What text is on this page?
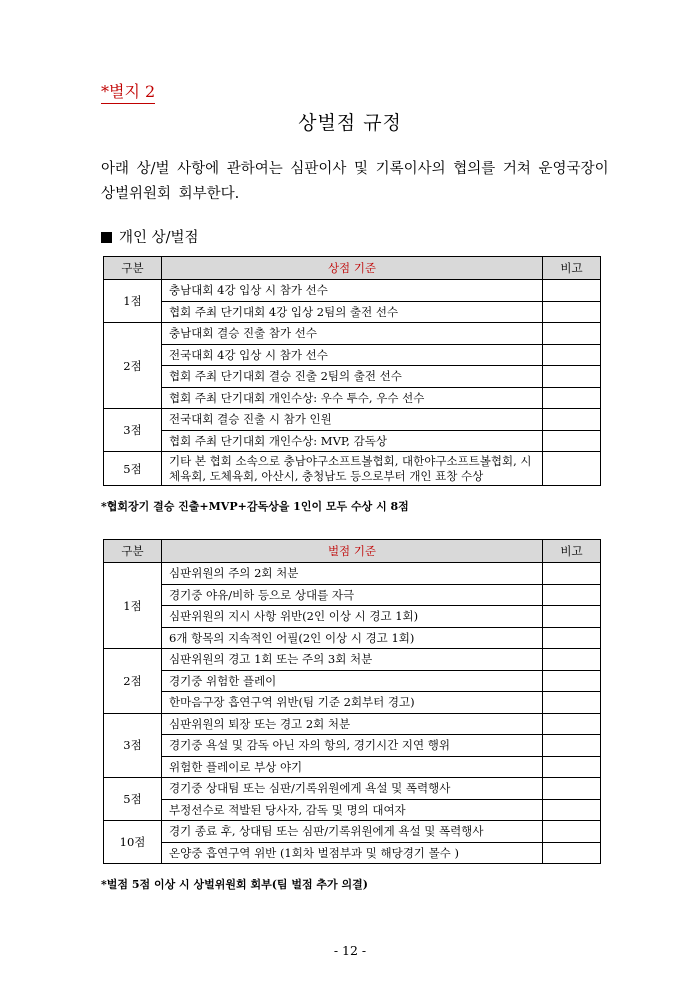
*별지 2
상벌점 규정
아래 상/벌 사항에 관하여는 심판이사 및 기록이사의 협의를 거쳐 운영국장이 상벌위원회 회부한다.
개인 상/벌점
구분	상점 기준	비고
1점	충남대회 4강 입상 시 참가 선수	
	협회 주최 단기대회 4강 입상 2팀의 출전 선수	
2점	충남대회 결승 진출 참가 선수	
	전국대회 4강 입상 시 참가 선수	
	협회 주최 단기대회 결승 진출 2팀의 출전 선수	
	협회 주최 단기대회 개인수상: 우수 투수, 우수 선수	
3점	전국대회 결승 진출 시 참가 인원	
	협회 주최 단기대회 개인수상: MVP, 감독상	
5점	기타 본 협회 소속으로 충남야구소프트볼협회, 대한야구소프트볼협회, 시체육회, 도체육회, 아산시, 충청남도 등으로부터 개인 표창 수상	
*협회장기 결승 진출+MVP+감독상을 1인이 모두 수상 시 8점
구분	벌점 기준	비고
1점	심판위원의 주의 2회 처분	
	경기중 야유/비하 등으로 상대를 자극	
	심판위원의 지시 사항 위반(2인 이상 시 경고 1회)	
	6개 항목의 지속적인 어필(2인 이상 시 경고 1회)	
2점	심판위원의 경고 1회 또는 주의 3회 처분	
	경기중 위험한 플레이	
	한마음구장 흡연구역 위반(팀 기준 2회부터 경고)	
3점	심판위원의 퇴장 또는 경고 2회 처분	
	경기중 욕설 및 감독 아닌 자의 항의, 경기시간 지연 행위	
	위험한 플레이로 부상 야기	
5점	경기중 상대팀 또는 심판/기록위원에게 욕설 및 폭력행사	
	부정선수로 적발된 당사자, 감독 및 명의 대여자	
10점	경기 종료 후, 상대팀 또는 심판/기록위원에게 욕설 및 폭력행사	
	온양중 흡연구역 위반 (1회차 벌점부과 및 해당경기 몰수 )	
*벌점 5점 이상 시 상벌위원회 회부(팀 벌점 추가 의결)
- 12 -
